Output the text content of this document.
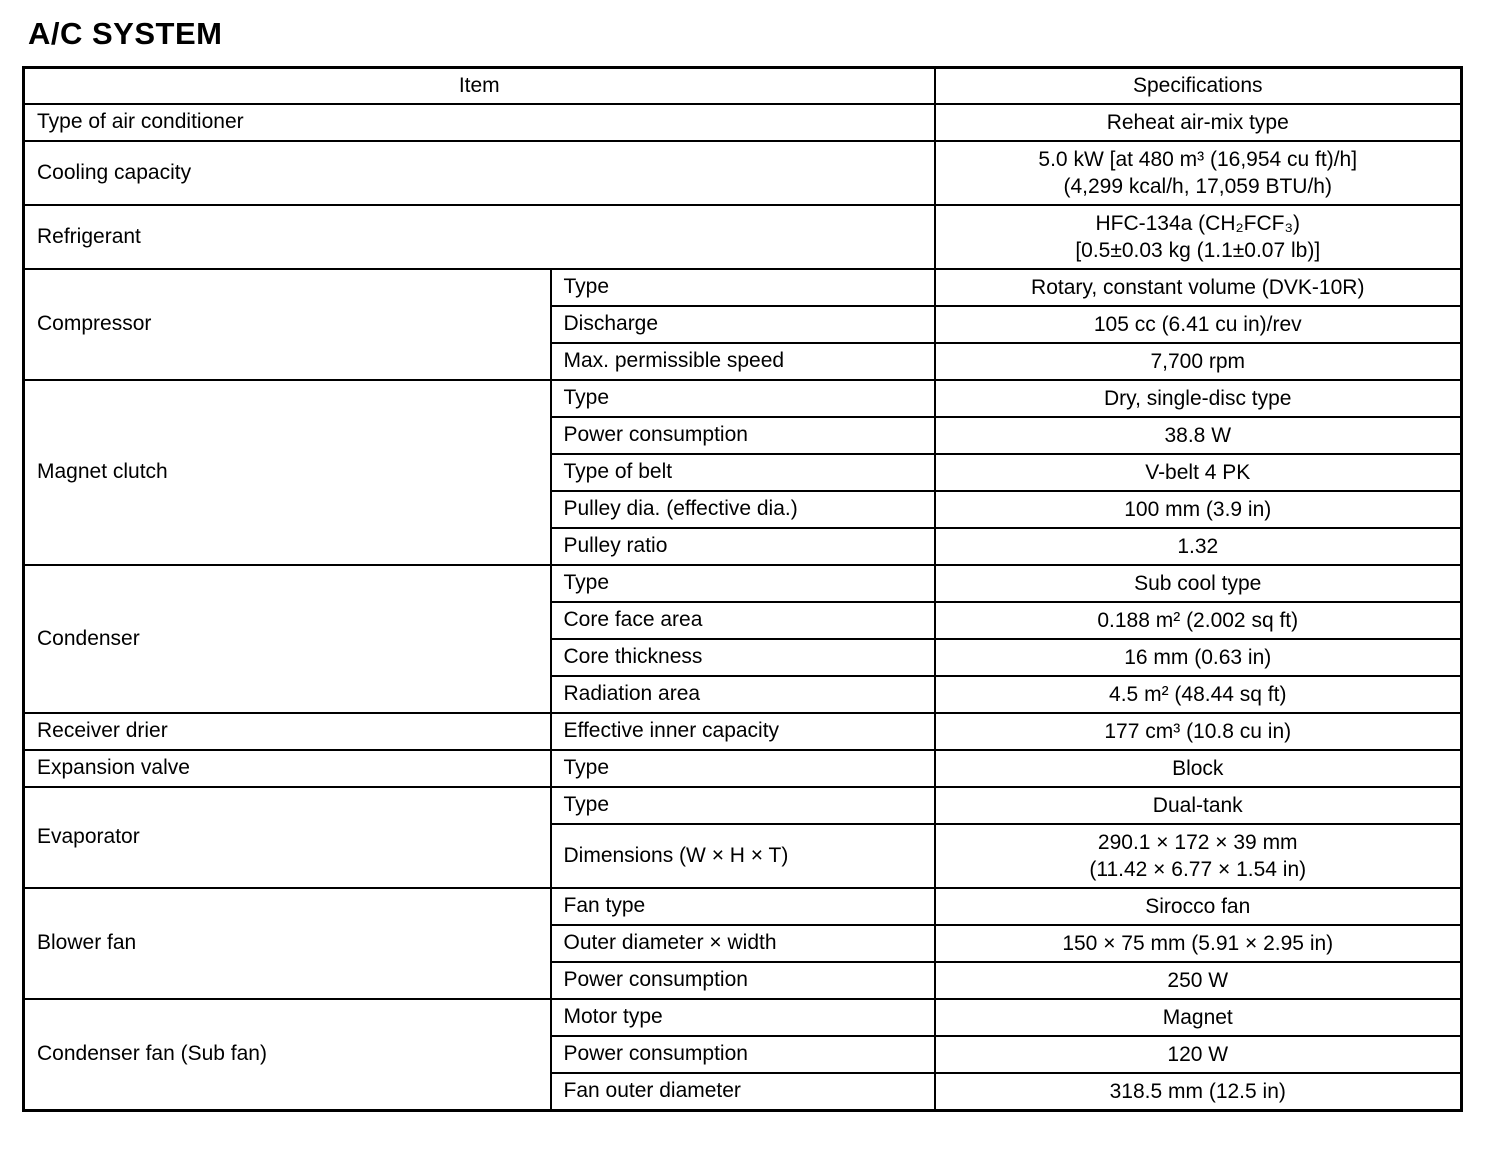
A/C SYSTEM
Item		Specifications
Type of air conditioner		Reheat air-mix type

Cooling capacity		5.0 kW [at 480 m³ (16,954 cu ft)/h]
(4,299 kcal/h, 17,059 BTU/h)

Refrigerant		HFC-134a (CH₂FCF₃)
[0.5±0.03 kg (1.1±0.07 lb)]

Compressor	Type	Rotary, constant volume (DVK-10R)

	Discharge	105 cc (6.41 cu in)/rev

	Max. permissible speed	7,700 rpm

Magnet clutch	Type	Dry, single-disc type

	Power consumption	38.8 W

	Type of belt	V-belt 4 PK

	Pulley dia. (effective dia.)	100 mm (3.9 in)

	Pulley ratio	1.32

Condenser	Type	Sub cool type

	Core face area	0.188 m² (2.002 sq ft)

	Core thickness	16 mm (0.63 in)

	Radiation area	4.5 m² (48.44 sq ft)

Receiver drier	Effective inner capacity	177 cm³ (10.8 cu in)

Expansion valve	Type	Block

Evaporator	Type	Dual-tank

	Dimensions (W × H × T)	290.1 × 172 × 39 mm
(11.42 × 6.77 × 1.54 in)

Blower fan	Fan type	Sirocco fan

	Outer diameter × width	150 × 75 mm (5.91 × 2.95 in)

	Power consumption	250 W

Condenser fan (Sub fan)	Motor type	Magnet

	Power consumption	120 W

	Fan outer diameter	318.5 mm (12.5 in)
